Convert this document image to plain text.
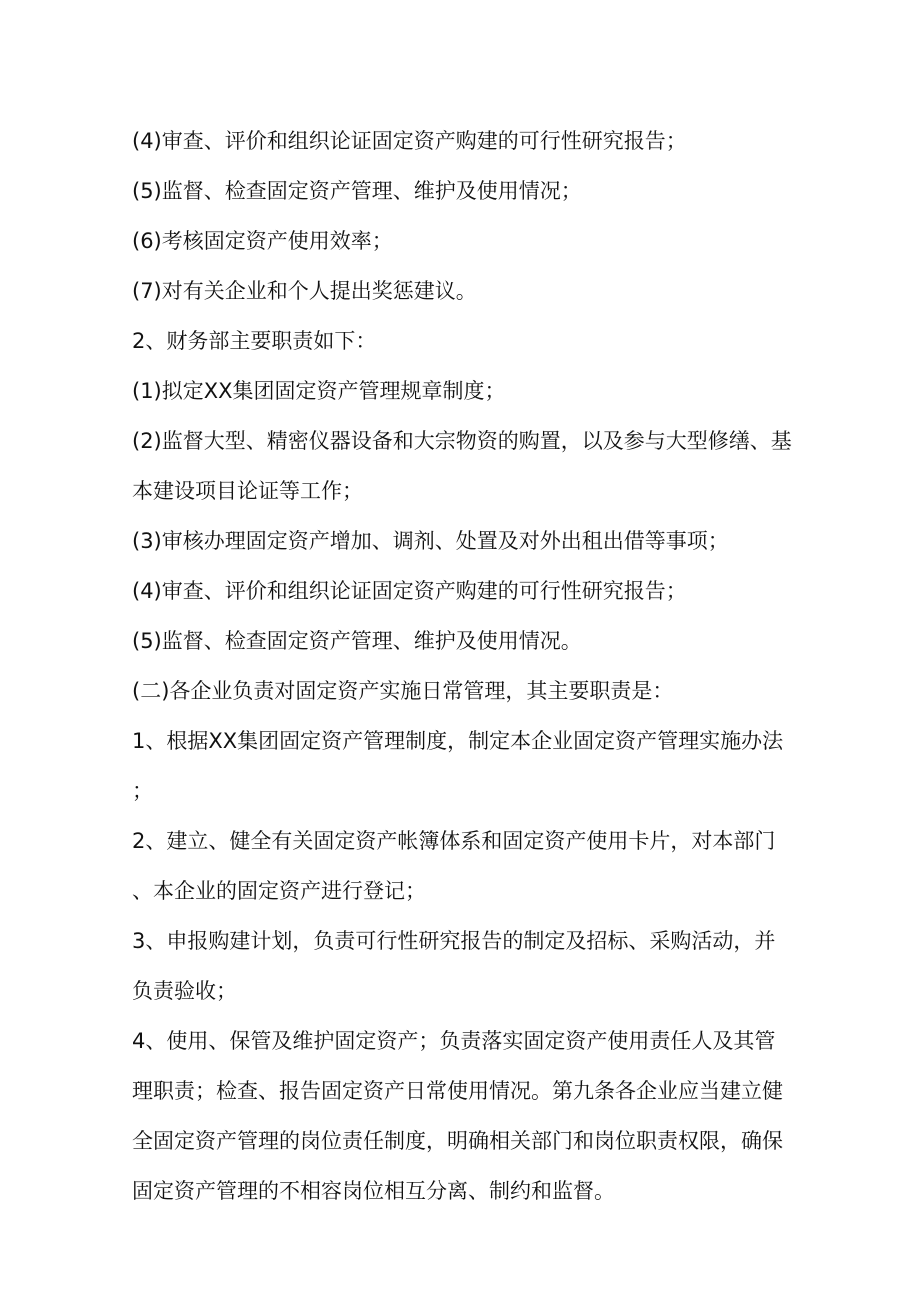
(4)审查、评价和组织论证固定资产购建的可行性研究报告；

(5)监督、检查固定资产管理、维护及使用情况；

(6)考核固定资产使用效率；

(7)对有关企业和个人提出奖惩建议。

2、财务部主要职责如下：

(1)拟定XX集团固定资产管理规章制度；

(2)监督大型、精密仪器设备和大宗物资的购置，以及参与大型修缮、基本建设项目论证等工作；

(3)审核办理固定资产增加、调剂、处置及对外出租出借等事项；

(4)审查、评价和组织论证固定资产购建的可行性研究报告；

(5)监督、检查固定资产管理、维护及使用情况。

(二)各企业负责对固定资产实施日常管理，其主要职责是：

1、根据XX集团固定资产管理制度，制定本企业固定资产管理实施办法；

2、建立、健全有关固定资产帐簿体系和固定资产使用卡片，对本部门、本企业的固定资产进行登记；

3、申报购建计划，负责可行性研究报告的制定及招标、采购活动，并负责验收；

4、使用、保管及维护固定资产；负责落实固定资产使用责任人及其管理职责；检查、报告固定资产日常使用情况。第九条各企业应当建立健全固定资产管理的岗位责任制度，明确相关部门和岗位职责权限，确保固定资产管理的不相容岗位相互分离、制约和监督。
